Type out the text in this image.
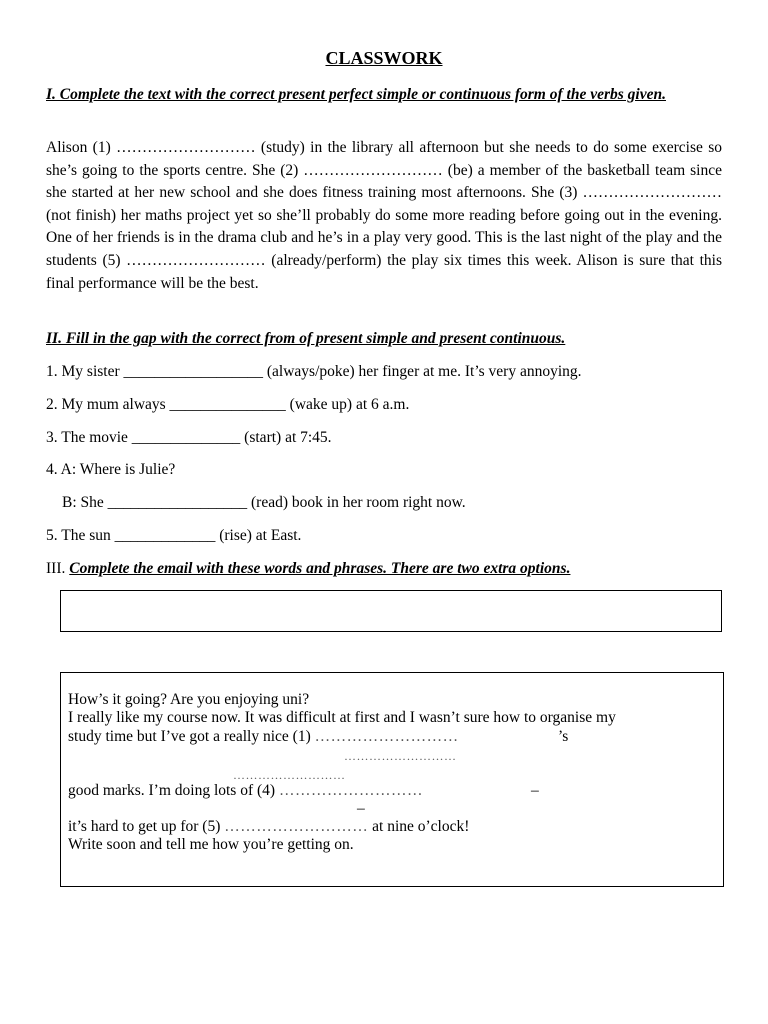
CLASSWORK
I. Complete the text with the correct present perfect simple or continuous form of the verbs given.
Alison (1) ……………………… (study) in the library all afternoon but she needs to do some exercise so she’s going to the sports centre. She (2) ……………………… (be) a member of the basketball team since she started at her new school and she does fitness training most afternoons. She (3) ……………………… (not finish) her maths project yet so she’ll probably do some more reading before going out in the evening. One of her friends is in the drama club and he’s in a play very good. This is the last night of the play and the students (5) ……………………… (already/perform) the play six times this week. Alison is sure that this final performance will be the best.
II. Fill in the gap with the correct from of present simple and present continuous.
1. My sister __________________ (always/poke) her finger at me. It’s very annoying.
2. My mum always _______________ (wake up) at 6 a.m.
3. The movie ______________ (start) at 7:45.
4. A: Where is Julie?
B: She __________________ (read) book in her room right now.
5. The sun _____________ (rise) at East.
III. Complete the email with these words and phrases. There are two extra options.
How’s it going? Are you enjoying uni?
I really like my course now. It was difficult at first and I wasn’t sure how to organise my
study time but I’ve got a really nice (1) ………………………	’s
………………………
………………………
good marks. I’m doing lots of (4) ………………………	–
–
it’s hard to get up for (5) ……………………… at nine o’clock!
Write soon and tell me how you’re getting on.
